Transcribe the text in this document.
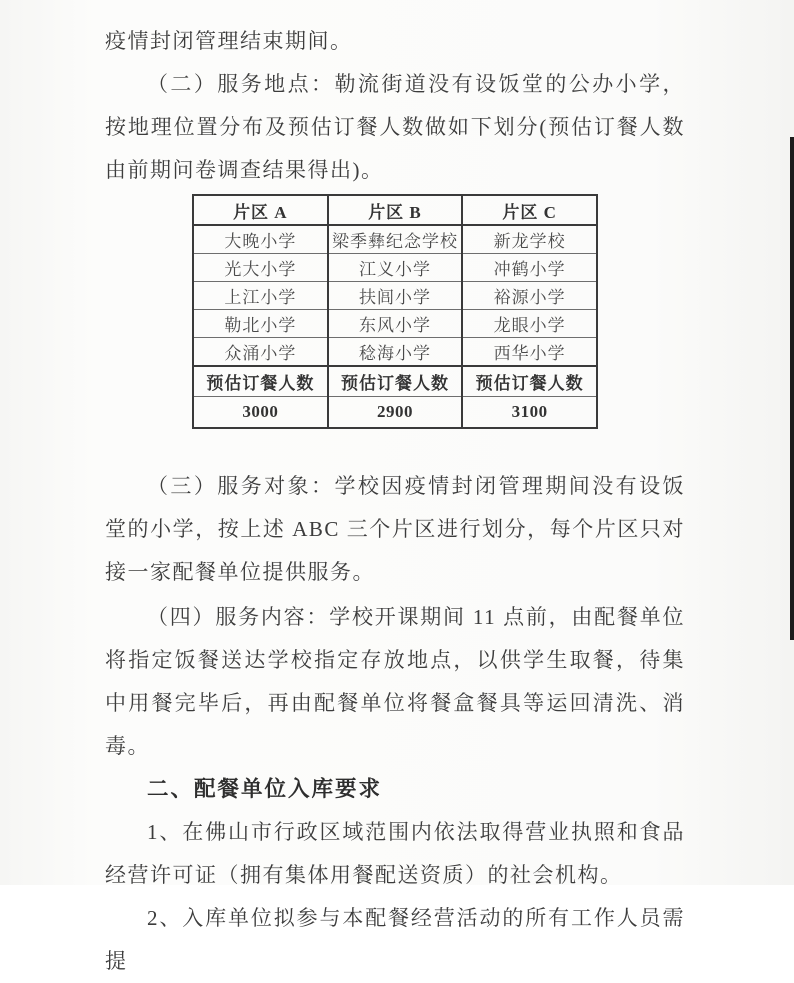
疫情封闭管理结束期间。

（二）服务地点：勒流街道没有设饭堂的公办小学，按地理位置分布及预估订餐人数做如下划分(预估订餐人数由前期问卷调查结果得出)。

片区 A	片区 B	片区 C
大晚小学	梁季彝纪念学校	新龙学校
光大小学	江义小学	冲鹤小学
上江小学	扶闾小学	裕源小学
勒北小学	东风小学	龙眼小学
众涌小学	稔海小学	西华小学
预估订餐人数	预估订餐人数	预估订餐人数
3000	2900	3100

（三）服务对象：学校因疫情封闭管理期间没有设饭堂的小学，按上述 ABC 三个片区进行划分，每个片区只对接一家配餐单位提供服务。

（四）服务内容：学校开课期间 11 点前，由配餐单位将指定饭餐送达学校指定存放地点，以供学生取餐，待集中用餐完毕后，再由配餐单位将餐盒餐具等运回清洗、消毒。

二、配餐单位入库要求

1、在佛山市行政区域范围内依法取得营业执照和食品经营许可证（拥有集体用餐配送资质）的社会机构。

2、入库单位拟参与本配餐经营活动的所有工作人员需提
